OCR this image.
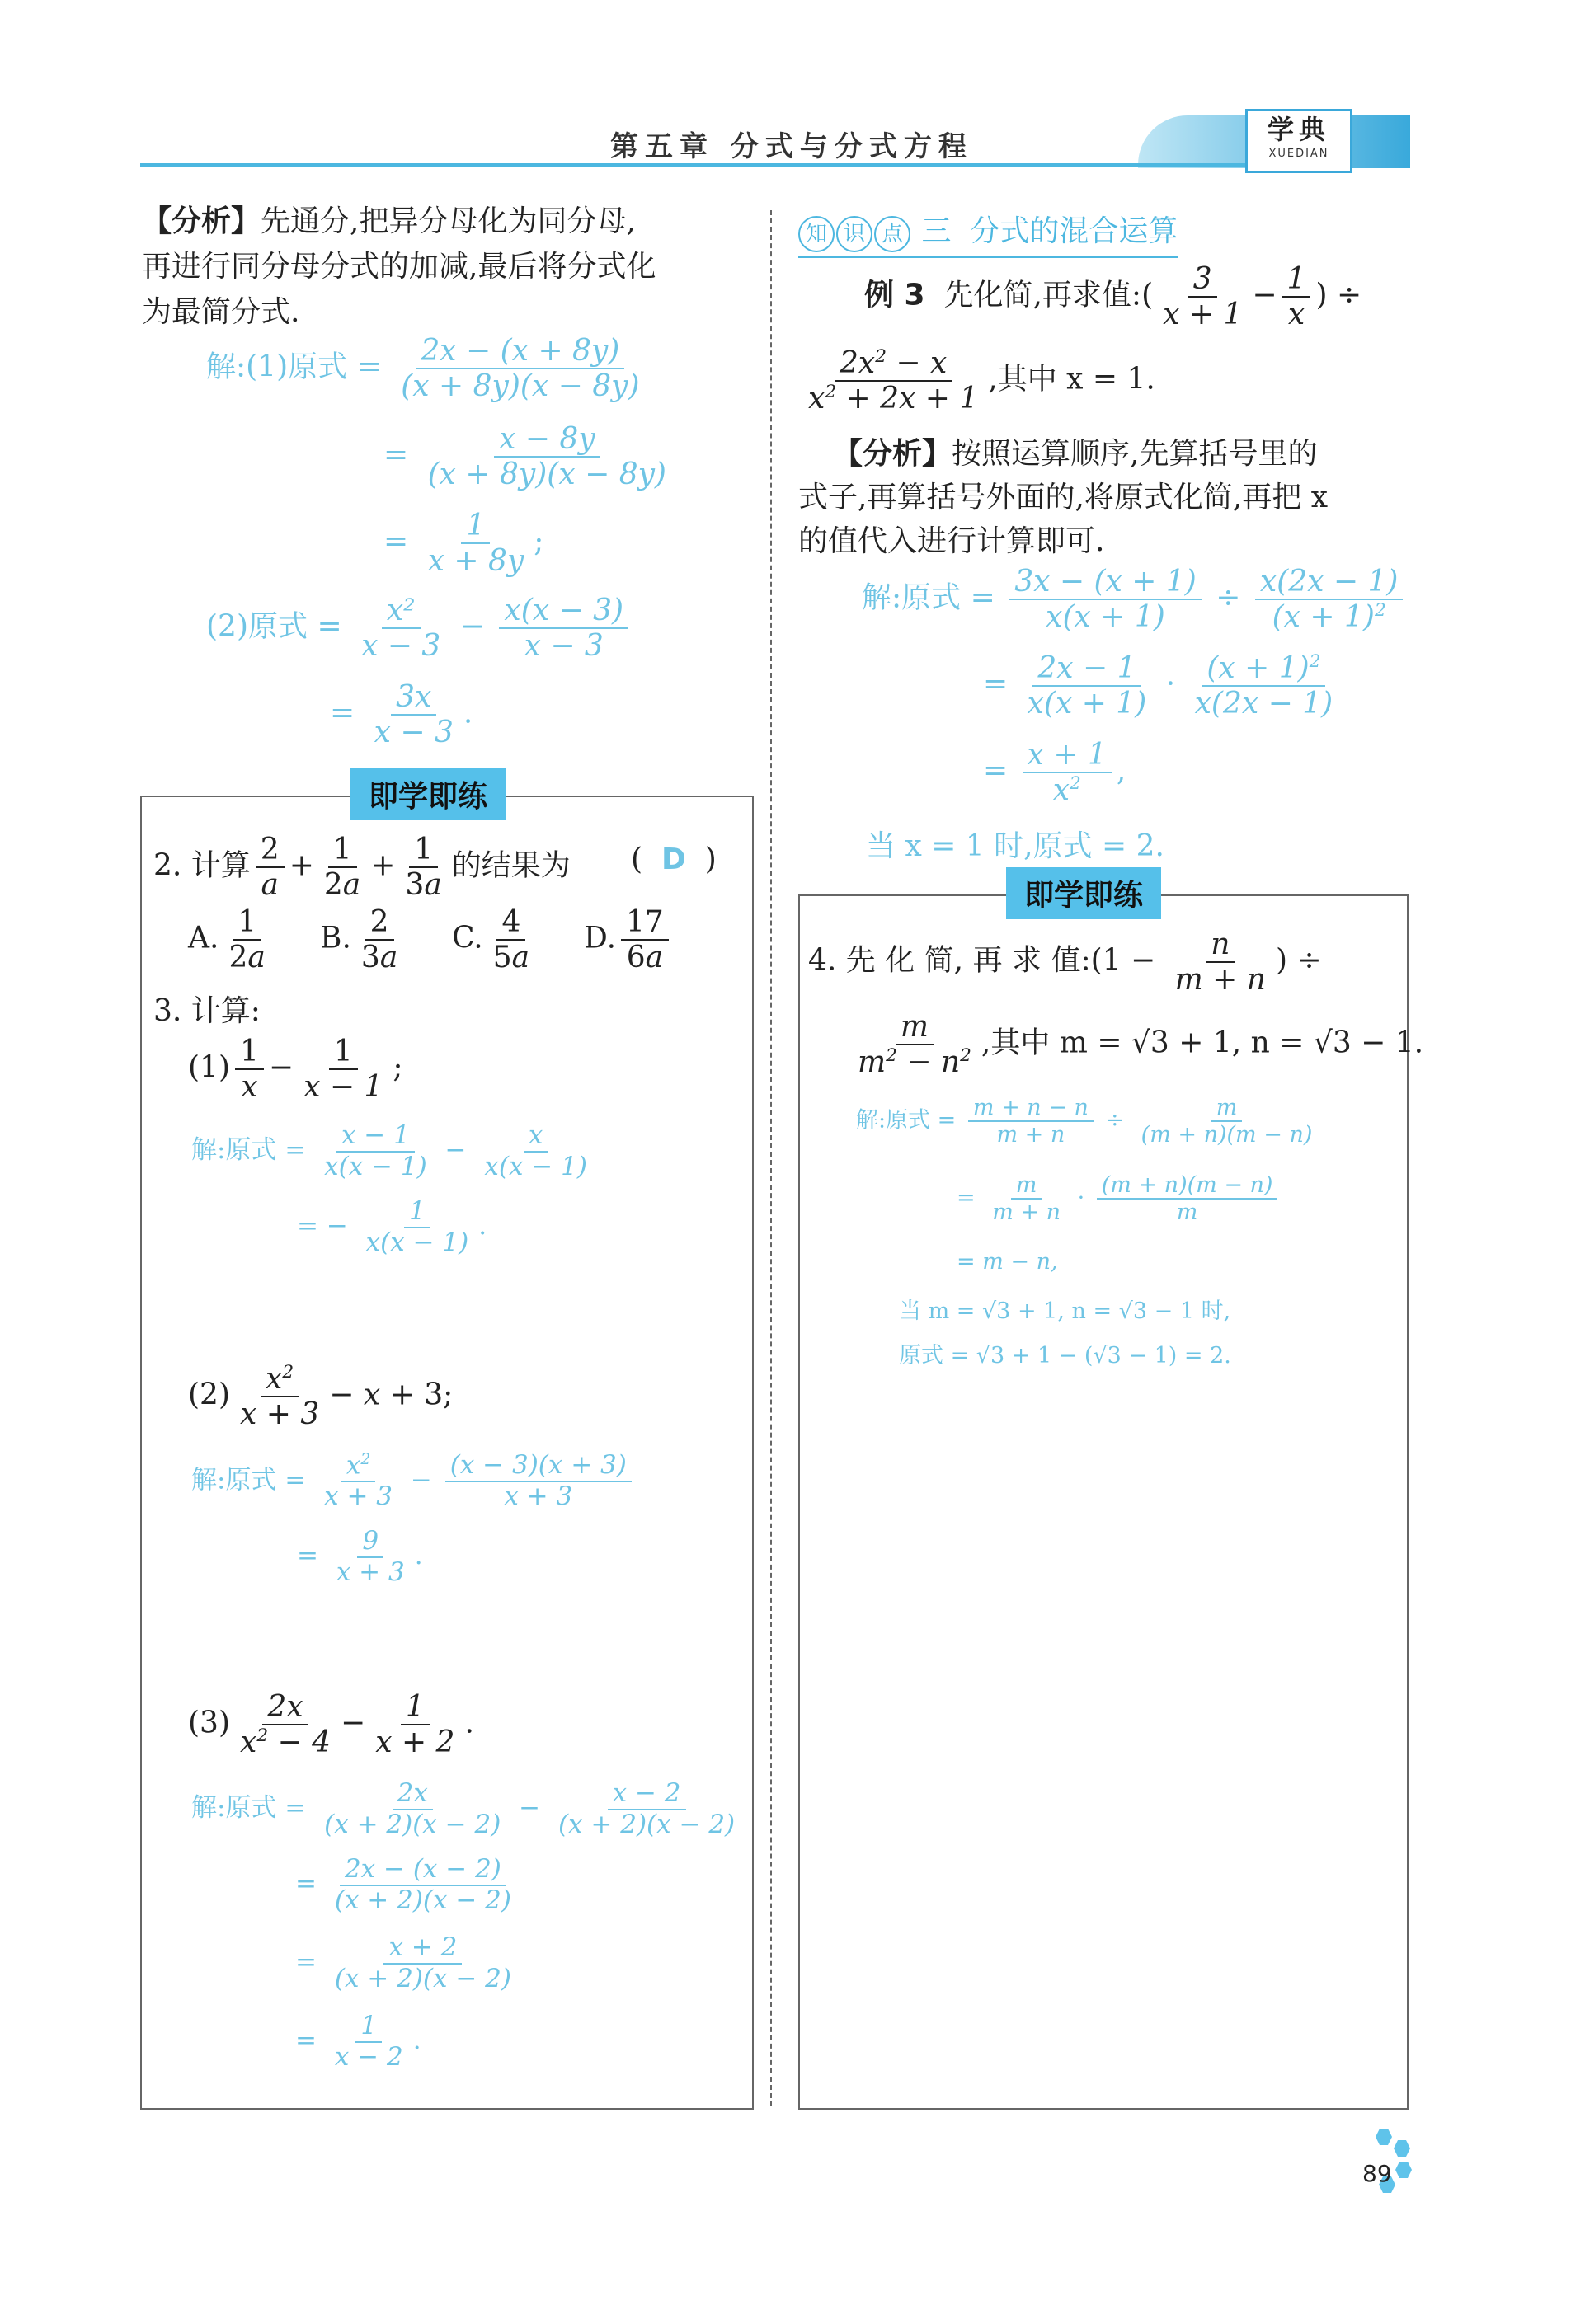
第五章 分式与分式方程
学典
XUEDIAN
【分析】先通分,把异分母化为同分母,
再进行同分母分式的加减,最后将分式化
为最简分式.
解:(1)原式 = $\frac{2x - (x + 8y)}{(x + 8y)(x - 8y)}$
= $\frac{x - 8y}{(x + 8y)(x - 8y)}$
= $\frac{1}{x + 8y}$ ;
(2)原式 = $\frac{\text{x²}}{x - 3} - \frac{x(x - 3)}{x - 3}$
= $\frac{3x}{x - 3}$ .
即学即练
2. 计算 $\frac{2}{a} + \frac{1}{2a} + \frac{1}{3a}$ 的结果为 (  D  )
A. $\frac{1}{2a} B$. $\frac{2}{3a} C$. $\frac{4}{5a} D$. $\frac{17}{6a}$
3. 计算:
$(1) \frac{1}{x} - \frac{1}{x - 1}$ ;
解:原式 = $\frac{x - 1}{x(x - 1)} - \frac{x}{x(x - 1)}$
= − $\frac{1}{x(x - 1)}$ .
$(2) \frac{x^2}{x + 3} - x + 3$;
解:原式 = $\frac{x^2}{x + 3} - \frac{(x - 3)(x + 3)}{x + 3}$
= $\frac{9}{x + 3}$ .
$(3) \frac{2x}{x^2 - 4} - \frac{1}{x + 2}$ .
解:原式 = $\frac{2x}{(x + 2)(x - 2)} - \frac{x - 2}{(x + 2)(x - 2)}$
= $\frac{2x - (x - 2)}{(x + 2)(x - 2)}$
= $\frac{x + 2}{(x + 2)(x - 2)}$
= $\frac{1}{x - 2}$ .
知 识 点 三 分式的混合运算
例 3 先化简,再求值:( $\frac{3}{x + 1} - \frac{1}{x}$ ) ÷
$\frac{2x^2 - x}{x^2 + 2x + 1}$ ,其中 x = 1.
【分析】按照运算顺序,先算括号里的
式子,再算括号外面的,将原式化简,再把 x
的值代入进行计算即可.
解:原式 = $\frac{3x - (x + 1)}{x(x + 1)} \div \frac{x(2x - 1)}{(x + 1)^2}$
= $\frac{2x - 1}{x(x + 1)} \cdot \frac{(x + 1)^2}{x(2x - 1)}$
= $\frac{x + 1}{x^2}$ ,
当 x = 1 时,原式 = 2.
即学即练
4. 先 化 简, 再 求 值:(1 − $\frac{n}{m + n}$ ) ÷
$\frac{m}{m^2 - n^2}$ ,其中 m = √3 + 1, n = √3 − 1.
解:原式 = $\frac{m + n - n}{m + n} \div \frac{m}{(m + n)(m - n)}$
= $\frac{m}{m + n} \cdot \frac{(m + n)(m - n)}{m}$
= m − n,
当 m = √3 + 1, n = √3 − 1 时,
原式 = √3 + 1 − (√3 − 1) = 2.
89
